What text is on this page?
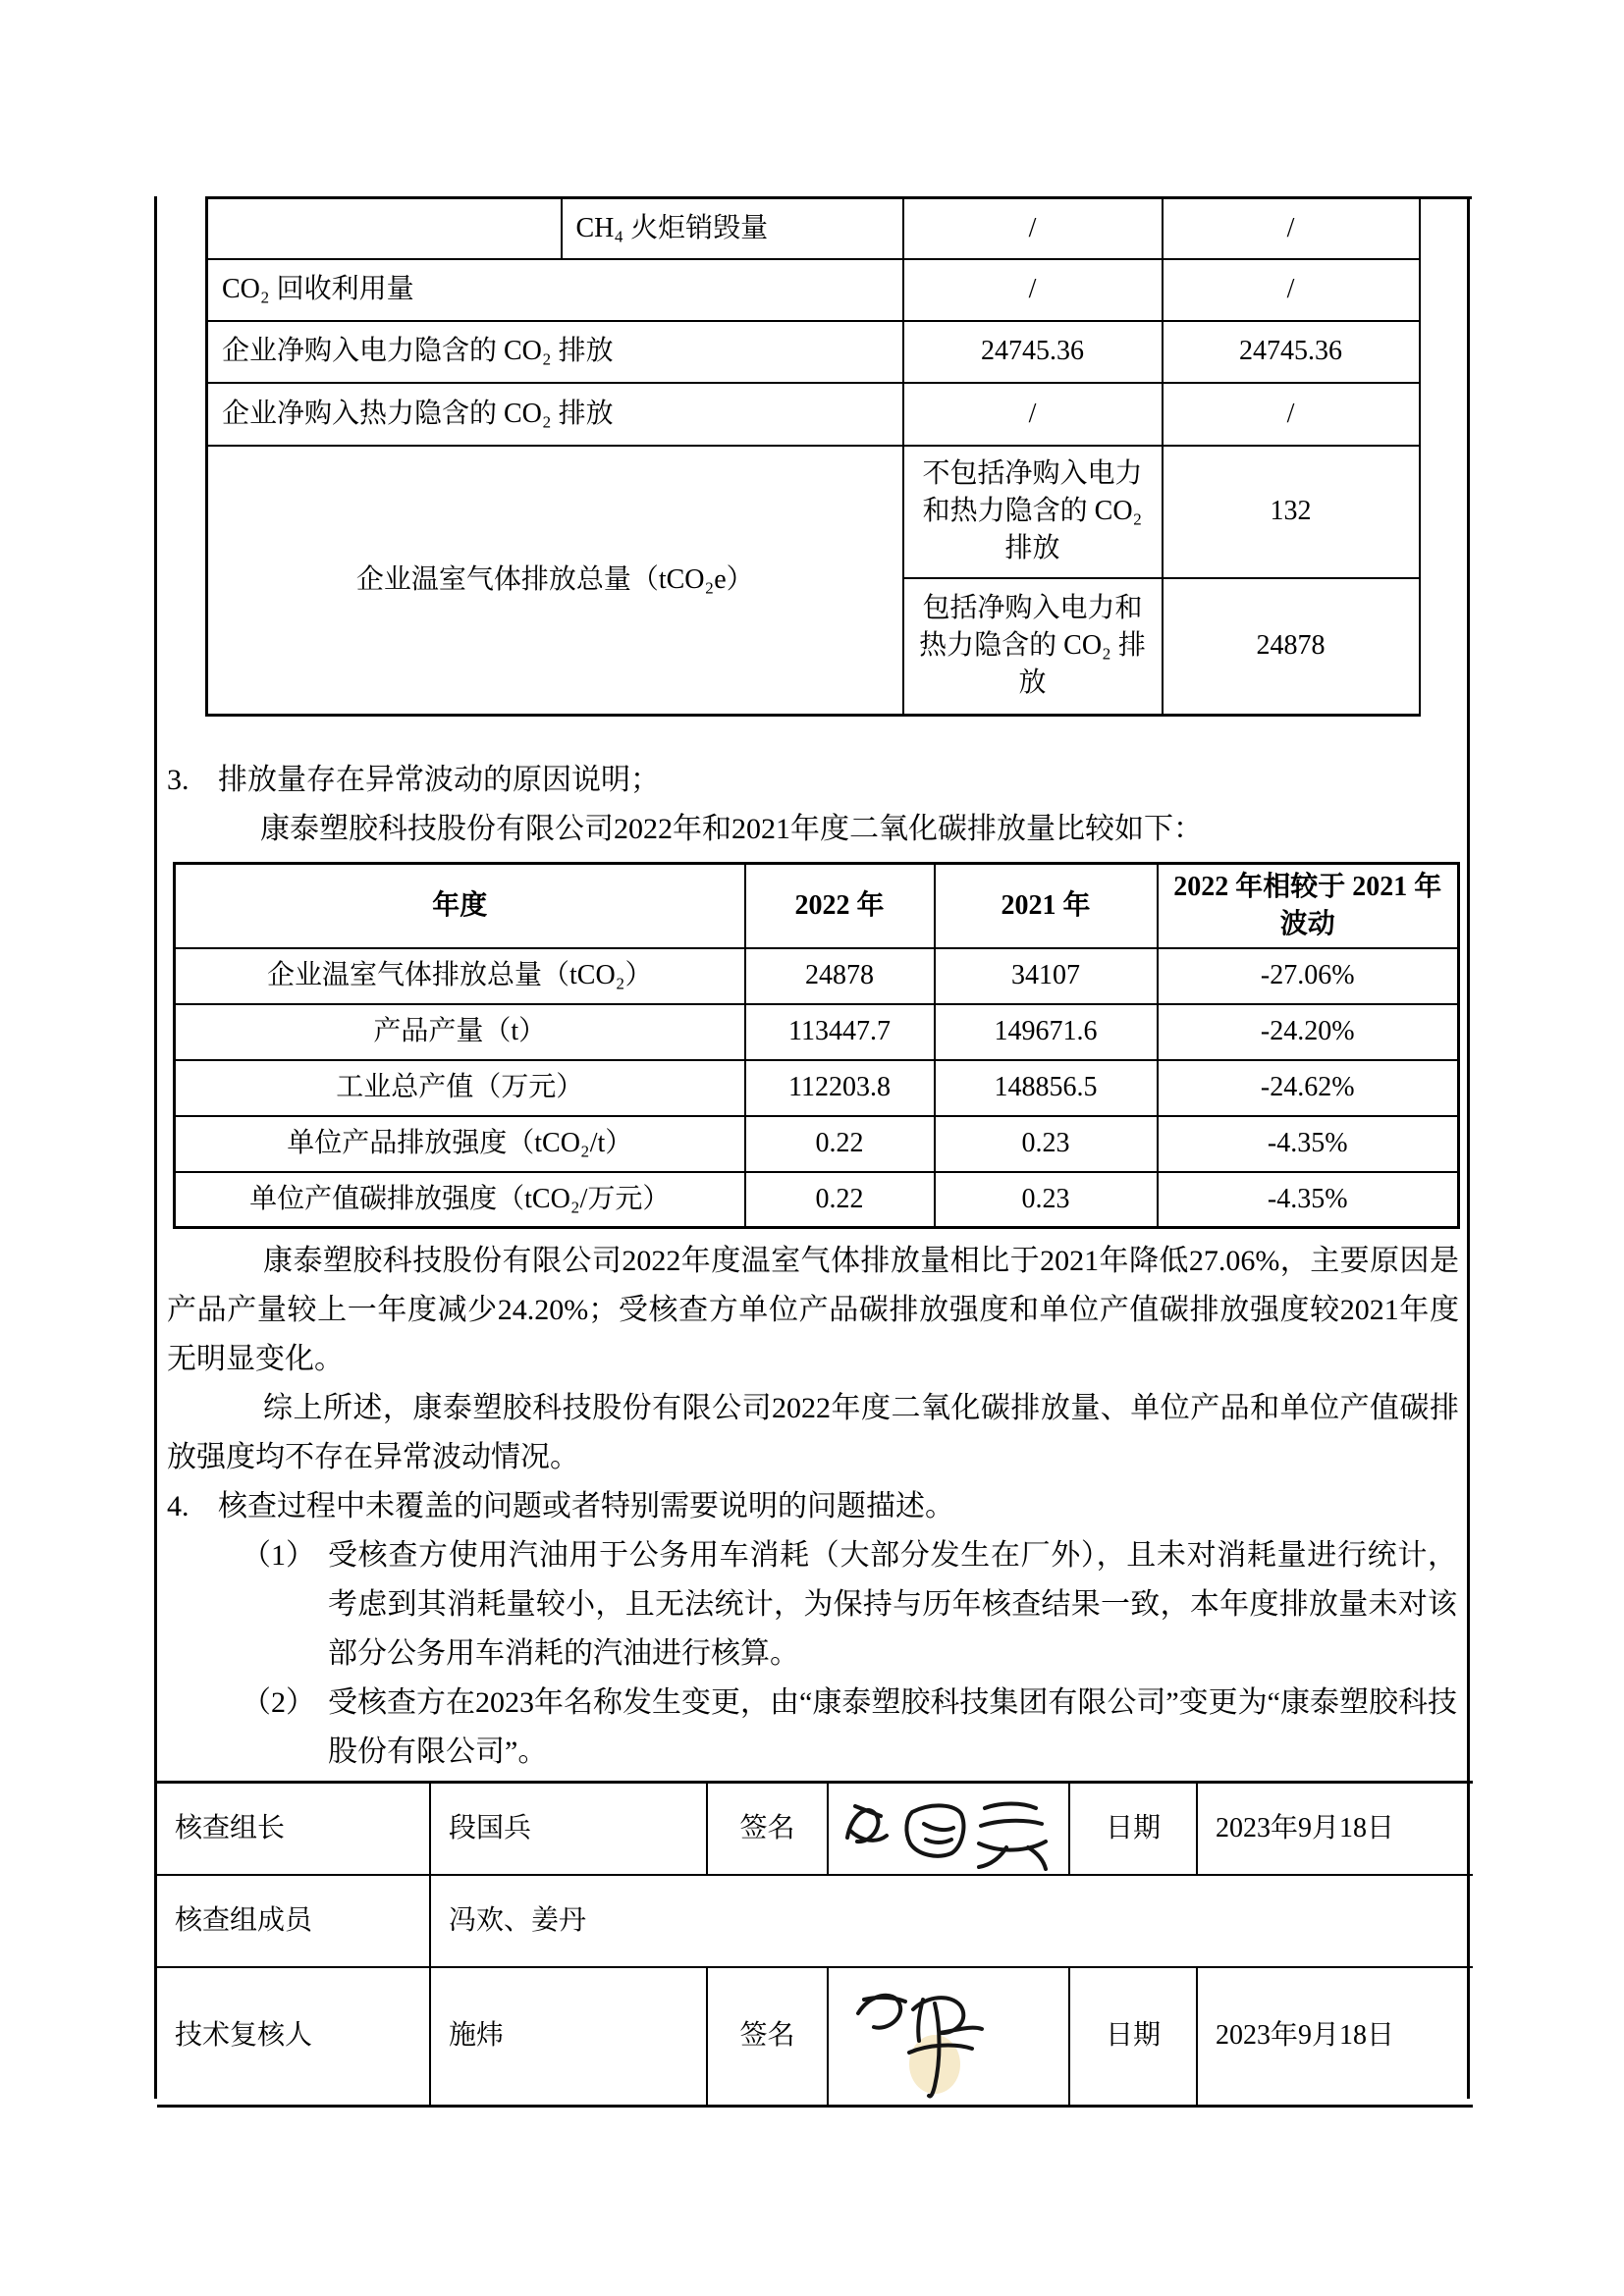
	CH₄ 火炬销毁量	/	/	
CO₂ 回收利用量		/	/	
企业净购入电力隐含的 CO₂ 排放		24745.36	24745.36	
企业净购入热力隐含的 CO₂ 排放		/	/	
企业温室气体排放总量（tCO₂e）		不包括净购入电力和热力隐含的 CO₂ 排放	132	
		包括净购入电力和热力隐含的 CO₂ 排放	24878	
3. 排放量存在异常波动的原因说明；
康泰塑胶科技股份有限公司2022年和2021年度二氧化碳排放量比较如下：
年度	2022 年	2021 年	2022 年相较于 2021 年波动
企业温室气体排放总量（tCO₂）	24878	34107	-27.06%
产品产量（t）	113447.7	149671.6	-24.20%
工业总产值（万元）	112203.8	148856.5	-24.62%
单位产品排放强度（tCO₂/t）	0.22	0.23	-4.35%
单位产值碳排放强度（tCO₂/万元）	0.22	0.23	-4.35%
康泰塑胶科技股份有限公司2022年度温室气体排放量相比于2021年降低27.06%，主要原因是产品产量较上一年度减少24.20%；受核查方单位产品碳排放强度和单位产值碳排放强度较2021年度无明显变化。
综上所述，康泰塑胶科技股份有限公司2022年度二氧化碳排放量、单位产品和单位产值碳排放强度均不存在异常波动情况。
4. 核查过程中未覆盖的问题或者特别需要说明的问题描述。
（1） 受核查方使用汽油用于公务用车消耗（大部分发生在厂外），且未对消耗量进行统计，考虑到其消耗量较小，且无法统计，为保持与历年核查结果一致，本年度排放量未对该部分公务用车消耗的汽油进行核算。
（2） 受核查方在2023年名称发生变更，由“康泰塑胶科技集团有限公司”变更为“康泰塑胶科技股份有限公司”。
核查组长	段国兵	签名		日期	2023年9月18日
核查组成员	冯欢、姜丹				
技术复核人	施炜	签名		日期	2023年9月18日
